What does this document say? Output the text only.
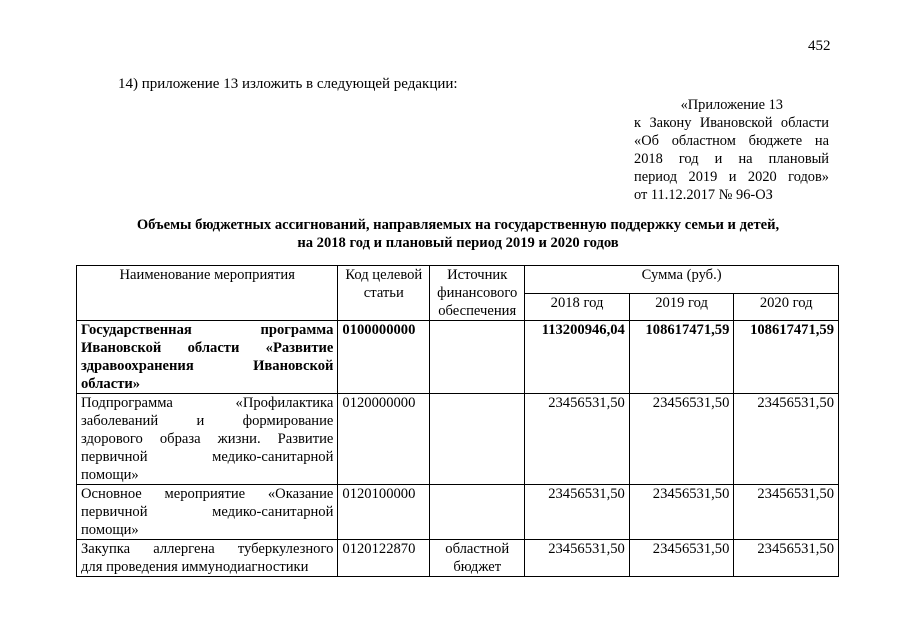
452
14) приложение 13 изложить в следующей редакции:
«Приложение 13
к Закону Ивановской области
«Об областном бюджете на
2018 год и на плановый
период 2019 и 2020 годов»
от 11.12.2017 № 96-ОЗ
Объемы бюджетных ассигнований, направляемых на государственную поддержку семьи и детей,
на 2018 год и плановый период 2019 и 2020 годов
Наименование мероприятия	Код целевой статьи	Источник финансового обеспечения	Сумма (руб.)		
			2018 год	2019 год	2020 год

Государственная программа
Ивановской области «Развитие
здравоохранения Ивановской
области»	0100000000		113200946,04	108617471,59	108617471,59

Подпрограмма «Профилактика
заболеваний и формирование
здорового образа жизни. Развитие
первичной медико-санитарной
помощи»	0120000000		23456531,50	23456531,50	23456531,50

Основное мероприятие «Оказание
первичной медико-санитарной
помощи»	0120100000		23456531,50	23456531,50	23456531,50

Закупка аллергена туберкулезного
для проведения иммунодиагностики	0120122870	областной бюджет	23456531,50	23456531,50	23456531,50
